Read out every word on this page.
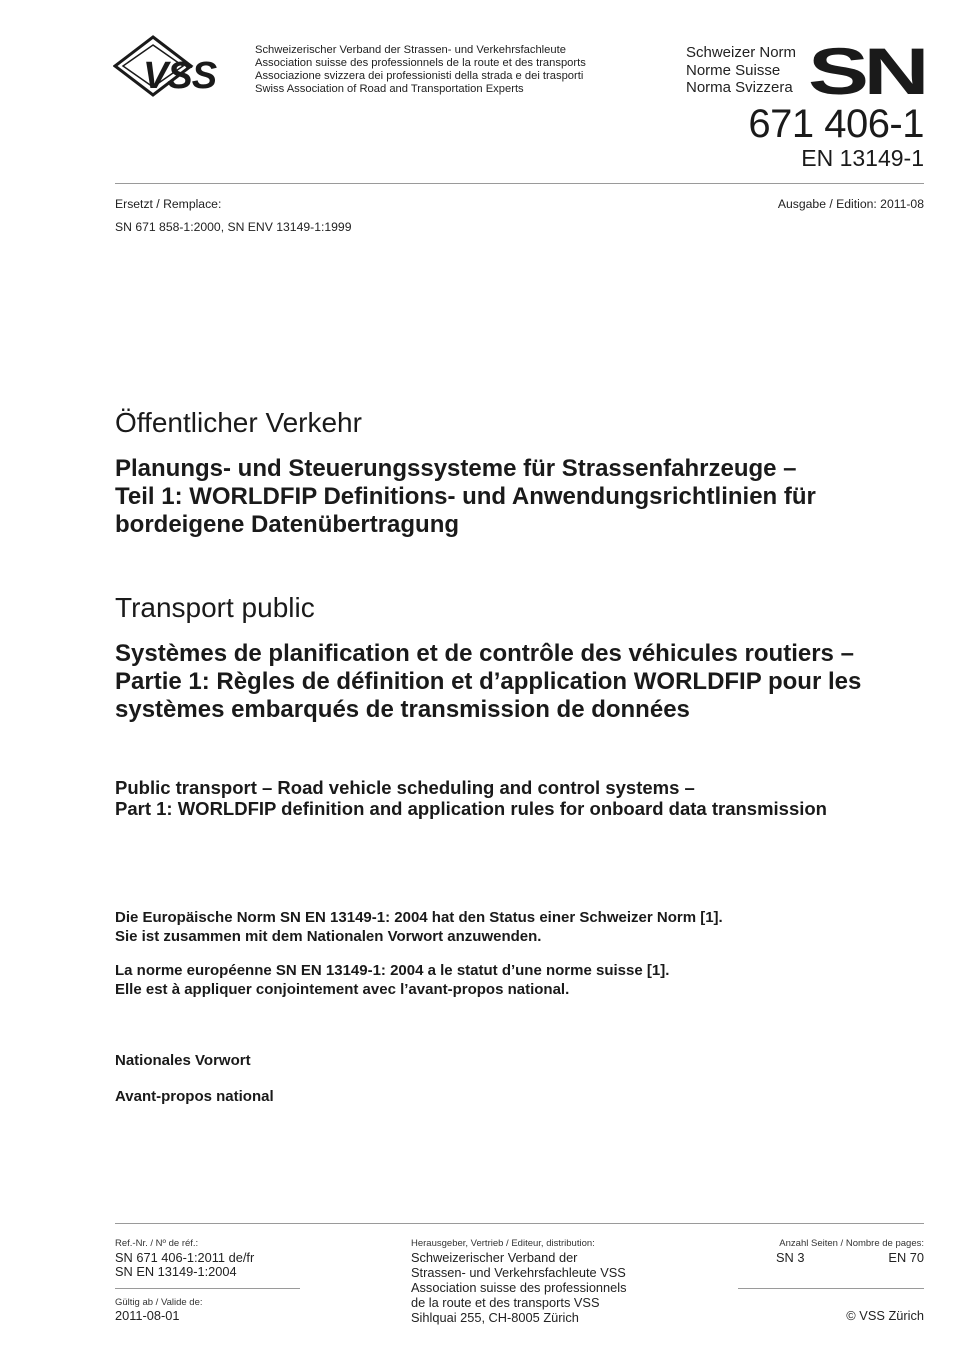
VSS
Schweizerischer Verband der Strassen- und Verkehrsfachleute
Association suisse des professionnels de la route et des transports
Associazione svizzera dei professionisti della strada e dei trasporti
Swiss Association of Road and Transportation Experts
Schweizer Norm
Norme Suisse
Norma Svizzera SN
671 406-1
EN 13149-1
Ersetzt / Remplace:
SN 671 858-1:2000, SN ENV 13149-1:1999
Ausgabe / Edition: 2011-08
Öffentlicher Verkehr
Planungs- und Steuerungssysteme für Strassenfahrzeuge –
Teil 1: WORLDFIP Definitions- und Anwendungsrichtlinien für
bordeigene Datenübertragung
Transport public
Systèmes de planification et de contrôle des véhicules routiers –
Partie 1: Règles de définition et d’application WORLDFIP pour les
systèmes embarqués de transmission de données
Public transport – Road vehicle scheduling and control systems –
Part 1: WORLDFIP definition and application rules for onboard data transmission
Die Europäische Norm SN EN 13149-1: 2004 hat den Status einer Schweizer Norm [1].
Sie ist zusammen mit dem Nationalen Vorwort anzuwenden.
La norme européenne SN EN 13149-1: 2004 a le statut d’une norme suisse [1].
Elle est à appliquer conjointement avec l’avant-propos national.
Nationales Vorwort
Avant-propos national
Ref.-Nr. / Nº de réf.:
SN 671 406-1:2011 de/fr
SN EN 13149-1:2004
Gültig ab / Valide de:
2011-08-01
Herausgeber, Vertrieb / Editeur, distribution:
Schweizerischer Verband der
Strassen- und Verkehrsfachleute VSS
Association suisse des professionnels
de la route et des transports VSS
Sihlquai 255, CH-8005 Zürich
Anzahl Seiten / Nombre de pages:
SN 3	EN 70
© VSS Zürich
